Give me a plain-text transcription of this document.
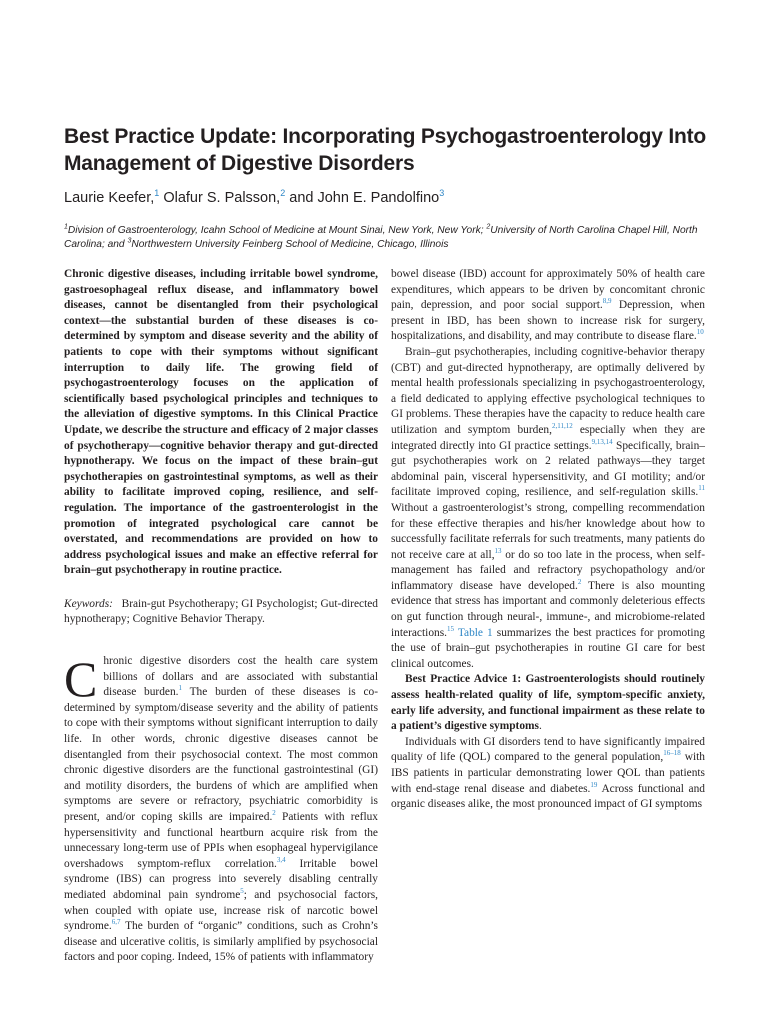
Best Practice Update: Incorporating Psychogastroenterology Into Management of Digestive Disorders

Laurie Keefer,$^1$ Olafur S. Palsson,$^2$ and John E. Pandolfino$^3$

$^1$Division of Gastroenterology, Icahn School of Medicine at Mount Sinai, New York, New York; $^2$University of North Carolina Chapel Hill, North Carolina; and $^3$Northwestern University Feinberg School of Medicine, Chicago, Illinois

Chronic digestive diseases, including irritable bowel syndrome, gastroesophageal reflux disease, and inflammatory bowel diseases, cannot be disentangled from their psychological context—the substantial burden of these diseases is co-determined by symptom and disease severity and the ability of patients to cope with their symptoms without significant interruption to daily life. The growing field of psychogastroenterology focuses on the application of scientifically based psychological principles and techniques to the alleviation of digestive symptoms. In this Clinical Practice Update, we describe the structure and efficacy of 2 major classes of psychotherapy—cognitive behavior therapy and gut-directed hypnotherapy. We focus on the impact of these brain–gut psychotherapies on gastrointestinal symptoms, as well as their ability to facilitate improved coping, resilience, and self-regulation. The importance of the gastroenterologist in the promotion of integrated psychological care cannot be overstated, and recommendations are provided on how to address psychological issues and make an effective referral for brain–gut psychotherapy in routine practice.

Keywords: Brain-gut Psychotherapy; GI Psychologist; Gut-directed hypnotherapy; Cognitive Behavior Therapy.

Chronic digestive disorders cost the health care system billions of dollars and are associated with substantial disease burden.$^1$ The burden of these diseases is co-determined by symptom/disease severity and the ability of patients to cope with their symptoms without significant interruption to daily life. In other words, chronic digestive diseases cannot be disentangled from their psychosocial context. The most common chronic digestive disorders are the functional gastrointestinal (GI) and motility disorders, the burdens of which are amplified when symptoms are severe or refractory, psychiatric comorbidity is present, and/or coping skills are impaired.$^2$ Patients with reflux hypersensitivity and functional heartburn acquire risk from the unnecessary long-term use of PPIs when esophageal hypervigilance overshadows symptom-reflux correlation.$^{3,4}$ Irritable bowel syndrome (IBS) can progress into severely disabling centrally mediated abdominal pain syndrome$^5$; and psychosocial factors, when coupled with opiate use, increase risk of narcotic bowel syndrome.$^{6,7}$ The burden of “organic” conditions, such as Crohn’s disease and ulcerative colitis, is similarly amplified by psychosocial factors and poor coping. Indeed, 15% of patients with inflammatory

bowel disease (IBD) account for approximately 50% of health care expenditures, which appears to be driven by concomitant chronic pain, depression, and poor social support.$^{8,9}$ Depression, when present in IBD, has been shown to increase risk for surgery, hospitalizations, and disability, and may contribute to disease flare.$^{10}$

Brain–gut psychotherapies, including cognitive-behavior therapy (CBT) and gut-directed hypnotherapy, are optimally delivered by mental health professionals specializing in psychogastroenterology, a field dedicated to applying effective psychological techniques to GI problems. These therapies have the capacity to reduce health care utilization and symptom burden,$^{2,11,12}$ especially when they are integrated directly into GI practice settings.$^{9,13,14}$ Specifically, brain–gut psychotherapies work on 2 related pathways—they target abdominal pain, visceral hypersensitivity, and GI motility; and/or facilitate improved coping, resilience, and self-regulation skills.$^{11}$ Without a gastroenterologist’s strong, compelling recommendation for these effective therapies and his/her knowledge about how to successfully facilitate referrals for such treatments, many patients do not receive care at all,$^{13}$ or do so too late in the process, when self-management has failed and refractory psychopathology and/or inflammatory disease have developed.$^2$ There is also mounting evidence that stress has important and commonly deleterious effects on gut function through neural-, immune-, and microbiome-related interactions.$^{15}$ Table 1 summarizes the best practices for promoting the use of brain–gut psychotherapies in routine GI care for best clinical outcomes.

Best Practice Advice 1: Gastroenterologists should routinely assess health-related quality of life, symptom-specific anxiety, early life adversity, and functional impairment as these relate to a patient’s digestive symptoms.

Individuals with GI disorders tend to have significantly impaired quality of life (QOL) compared to the general population,$^{16-18}$ with IBS patients in particular demonstrating lower QOL than patients with end-stage renal disease and diabetes.$^{19}$ Across functional and organic diseases alike, the most pronounced impact of GI symptoms
